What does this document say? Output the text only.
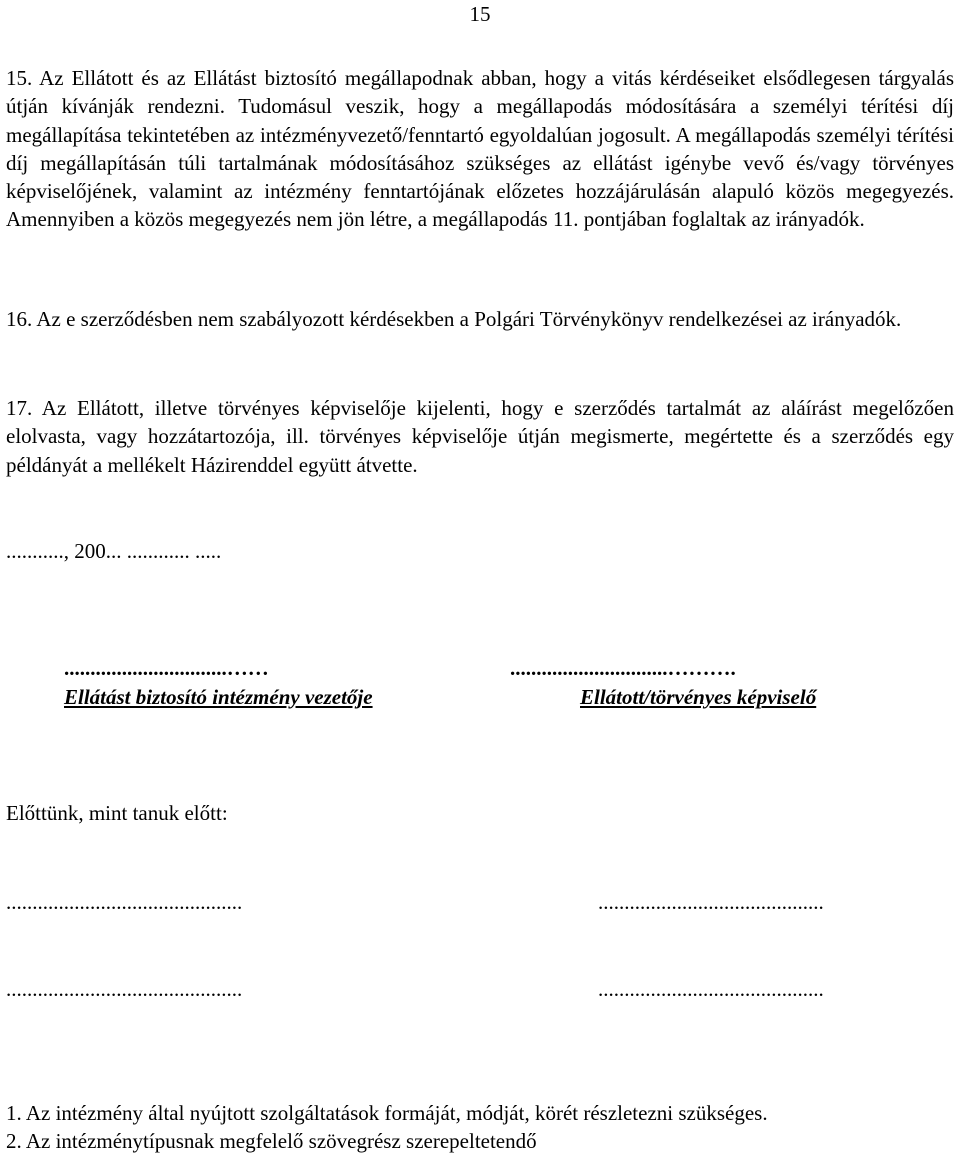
15

15. Az Ellátott és az Ellátást biztosító megállapodnak abban, hogy a vitás kérdéseiket elsődlegesen tárgyalás útján kívánják rendezni. Tudomásul veszik, hogy a megállapodás módosítására a személyi térítési díj megállapítása tekintetében az intézményvezető/fenntartó egyoldalúan jogosult. A megállapodás személyi térítési díj megállapításán túli tartalmának módosításához szükséges az ellátást igénybe vevő és/vagy törvényes képviselőjének, valamint az intézmény fenntartójának előzetes hozzájárulásán alapuló közös megegyezés. Amennyiben a közös megegyezés nem jön létre, a megállapodás 11. pontjában foglaltak az irányadók.

16. Az e szerződésben nem szabályozott kérdésekben a Polgári Törvénykönyv rendelkezései az irányadók.

17. Az Ellátott, illetve törvényes képviselője kijelenti, hogy e szerződés tartalmát az aláírást megelőzően elolvasta, vagy hozzátartozója, ill. törvényes képviselője útján megismerte, megértette és a szerződés egy példányát a mellékelt Házirenddel együtt átvette.

..........., 200... ............ .....
...............................……
Ellátást biztosító intézmény vezetője
..............................……….
Ellátott/törvényes képviselő
Előttünk, mint tanuk előtt:
.............................................	...........................................
.............................................	...........................................
1. Az intézmény által nyújtott szolgáltatások formáját, módját, körét részletezni szükséges.
2. Az intézménytípusnak megfelelő szövegrész szerepeltetendő
